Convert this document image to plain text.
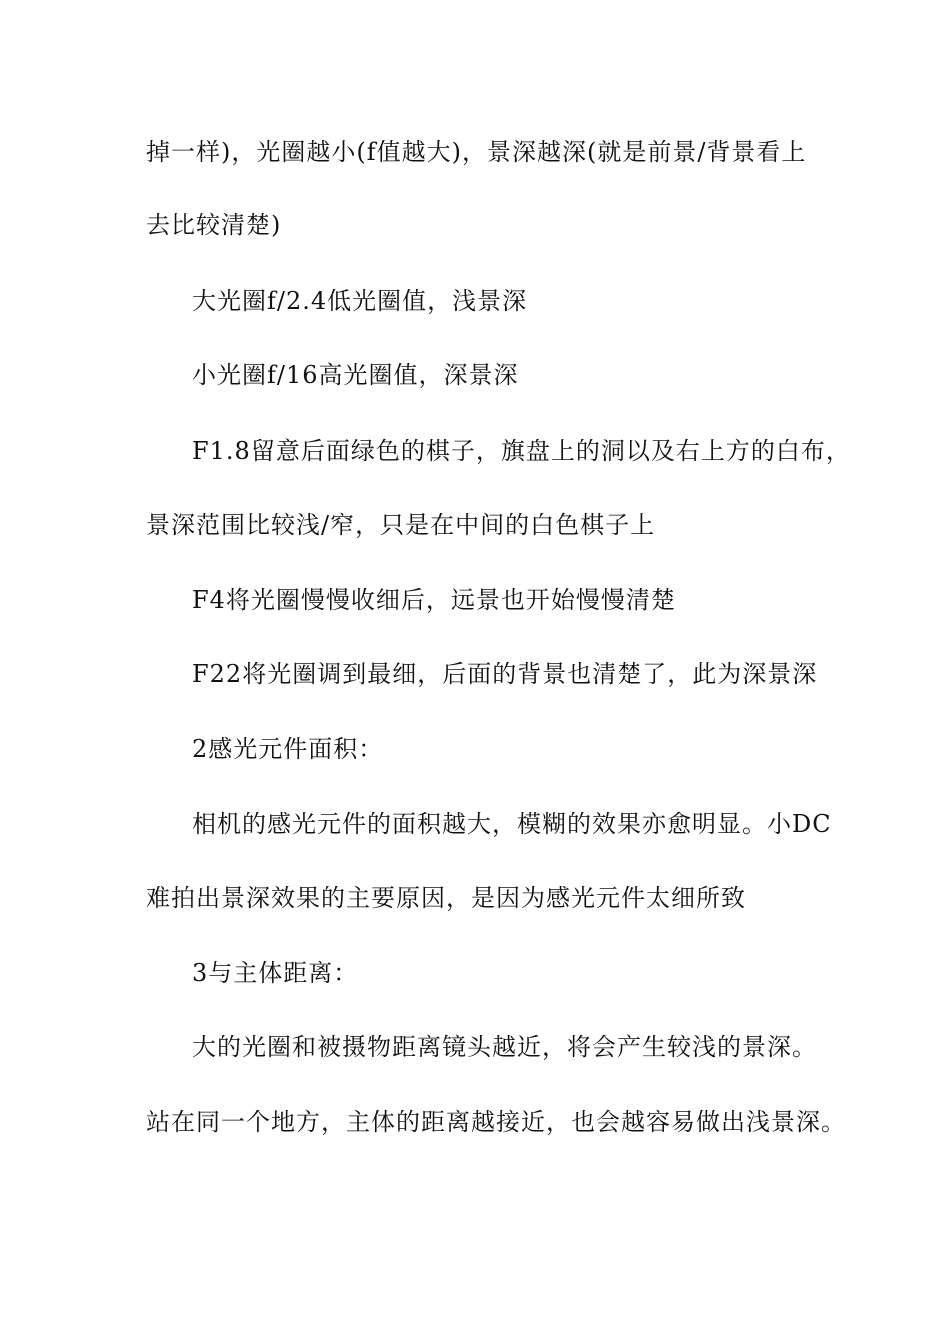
掉一样)，光圈越小(f值越大)，景深越深(就是前景/背景看上
去比较清楚)
大光圈f/2.4低光圈值，浅景深
小光圈f/16高光圈值，深景深
F1.8留意后面绿色的棋子，旗盘上的洞以及右上方的白布，
景深范围比较浅/窄，只是在中间的白色棋子上
F4将光圈慢慢收细后，远景也开始慢慢清楚
F22将光圈调到最细，后面的背景也清楚了，此为深景深
2感光元件面积：
相机的感光元件的面积越大，模糊的效果亦愈明显。小DC
难拍出景深效果的主要原因，是因为感光元件太细所致
3与主体距离：
大的光圈和被摄物距离镜头越近，将会产生较浅的景深。
站在同一个地方，主体的距离越接近，也会越容易做出浅景深。
